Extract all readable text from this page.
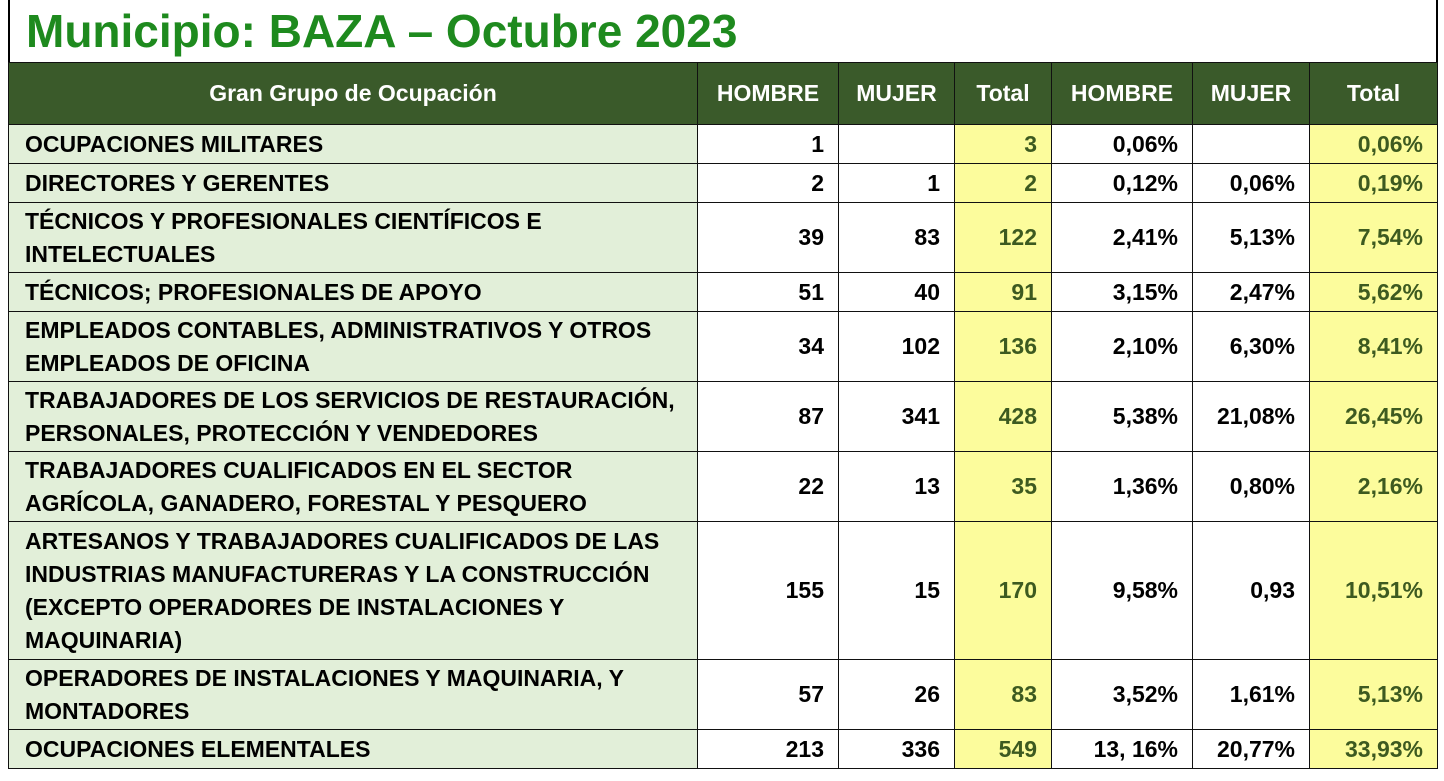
Municipio: BAZA – Octubre 2023
Gran Grupo de Ocupación	HOMBRE	MUJER	Total	HOMBRE	MUJER	Total
OCUPACIONES MILITARES	1		3	0,06%		0,06%
DIRECTORES Y GERENTES	2	1	2	0,12%	0,06%	0,19%
TÉCNICOS Y PROFESIONALES CIENTÍFICOS E INTELECTUALES	39	83	122	2,41%	5,13%	7,54%
TÉCNICOS; PROFESIONALES DE APOYO	51	40	91	3,15%	2,47%	5,62%
EMPLEADOS CONTABLES, ADMINISTRATIVOS Y OTROS EMPLEADOS DE OFICINA	34	102	136	2,10%	6,30%	8,41%
TRABAJADORES DE LOS SERVICIOS DE RESTAURACIÓN, PERSONALES, PROTECCIÓN Y VENDEDORES	87	341	428	5,38%	21,08%	26,45%
TRABAJADORES CUALIFICADOS EN EL SECTOR AGRÍCOLA, GANADERO, FORESTAL Y PESQUERO	22	13	35	1,36%	0,80%	2,16%
ARTESANOS Y TRABAJADORES CUALIFICADOS DE LAS INDUSTRIAS MANUFACTURERAS Y LA CONSTRUCCIÓN (EXCEPTO OPERADORES DE INSTALACIONES Y MAQUINARIA)	155	15	170	9,58%	0,93	10,51%
OPERADORES DE INSTALACIONES Y MAQUINARIA, Y MONTADORES	57	26	83	3,52%	1,61%	5,13%
OCUPACIONES ELEMENTALES	213	336	549	13, 16%	20,77%	33,93%
